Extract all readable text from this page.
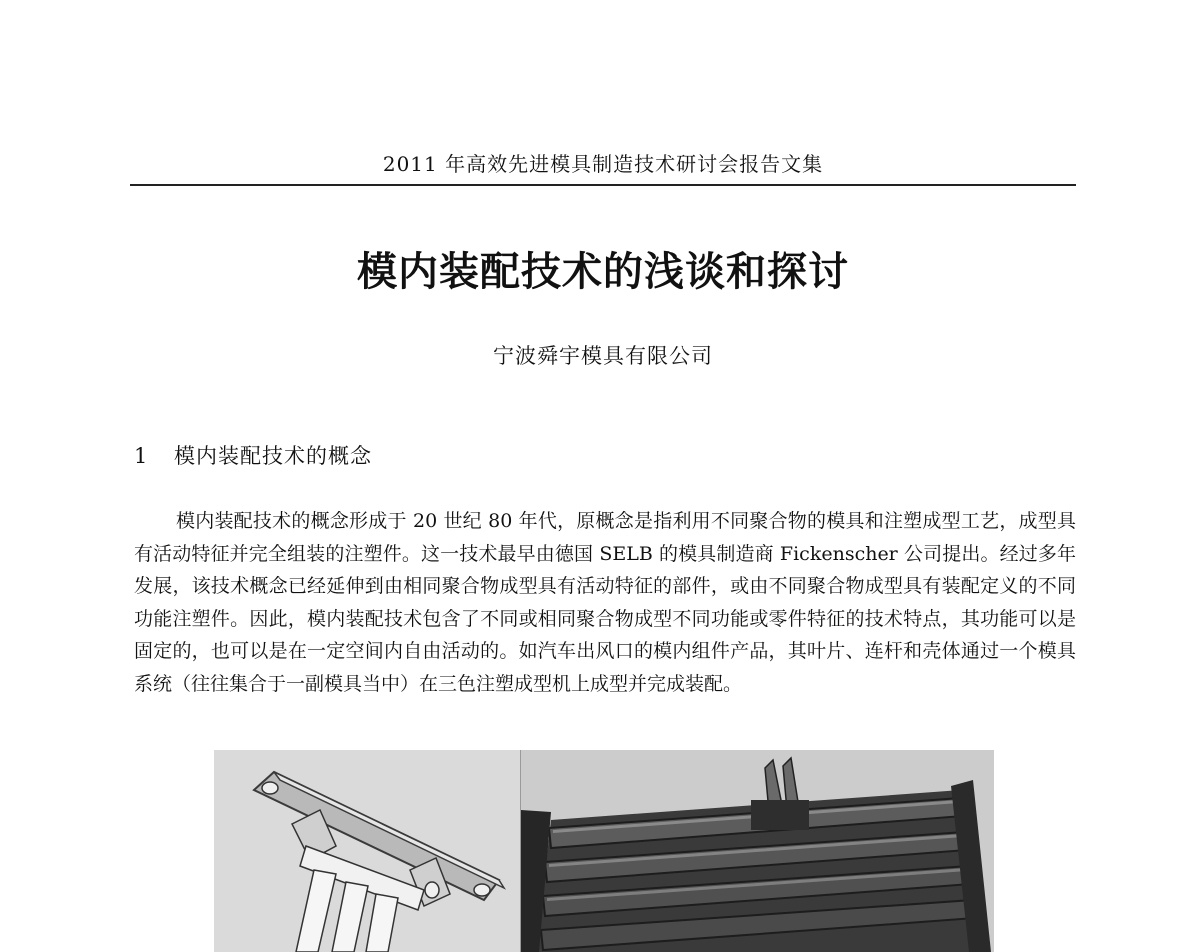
2011 年高效先进模具制造技术研讨会报告文集
模内装配技术的浅谈和探讨
宁波舜宇模具有限公司
1 模内装配技术的概念

模内装配技术的概念形成于 20 世纪 80 年代，原概念是指利用不同聚合物的模具和注塑成型工艺，成型具有活动特征并完全组装的注塑件。这一技术最早由德国 SELB 的模具制造商 Fickenscher 公司提出。经过多年发展，该技术概念已经延伸到由相同聚合物成型具有活动特征的部件，或由不同聚合物成型具有装配定义的不同功能注塑件。因此，模内装配技术包含了不同或相同聚合物成型不同功能或零件特征的技术特点，其功能可以是固定的，也可以是在一定空间内自由活动的。如汽车出风口的模内组件产品，其叶片、连杆和壳体通过一个模具系统（往往集合于一副模具当中）在三色注塑成型机上成型并完成装配。
